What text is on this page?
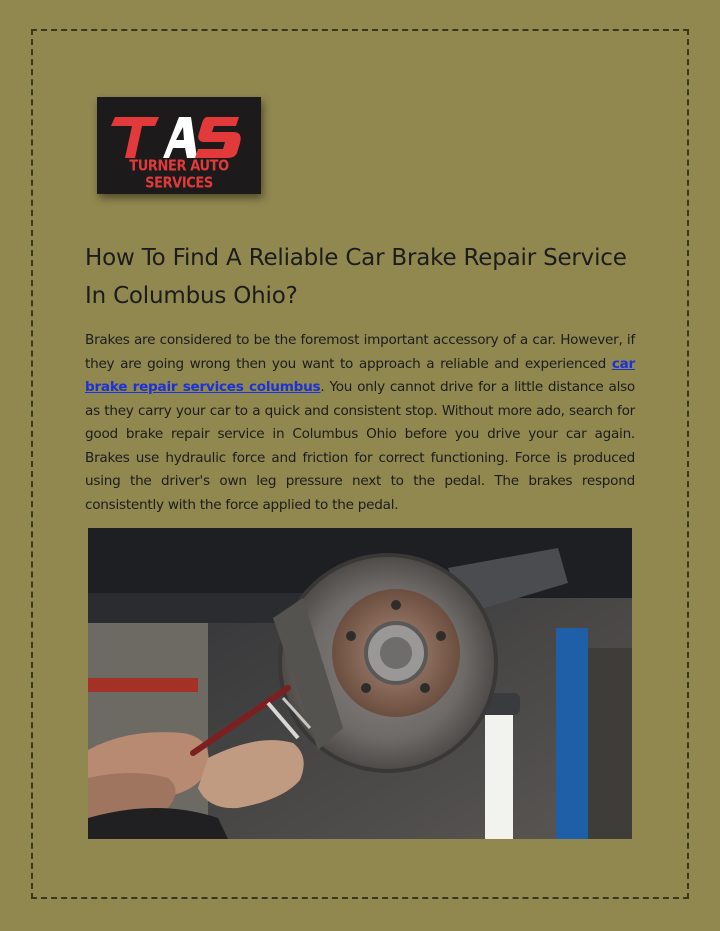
TURNER AUTO SERVICES
How To Find A Reliable Car Brake Repair Service In Columbus Ohio?

Brakes are considered to be the foremost important accessory of a car. However, if they are going wrong then you want to approach a reliable and experienced car brake repair services columbus. You only cannot drive for a little distance also as they carry your car to a quick and consistent stop. Without more ado, search for good brake repair service in Columbus Ohio before you drive your car again. Brakes use hydraulic force and friction for correct functioning. Force is produced using the driver's own leg pressure next to the pedal. The brakes respond consistently with the force applied to the pedal.
